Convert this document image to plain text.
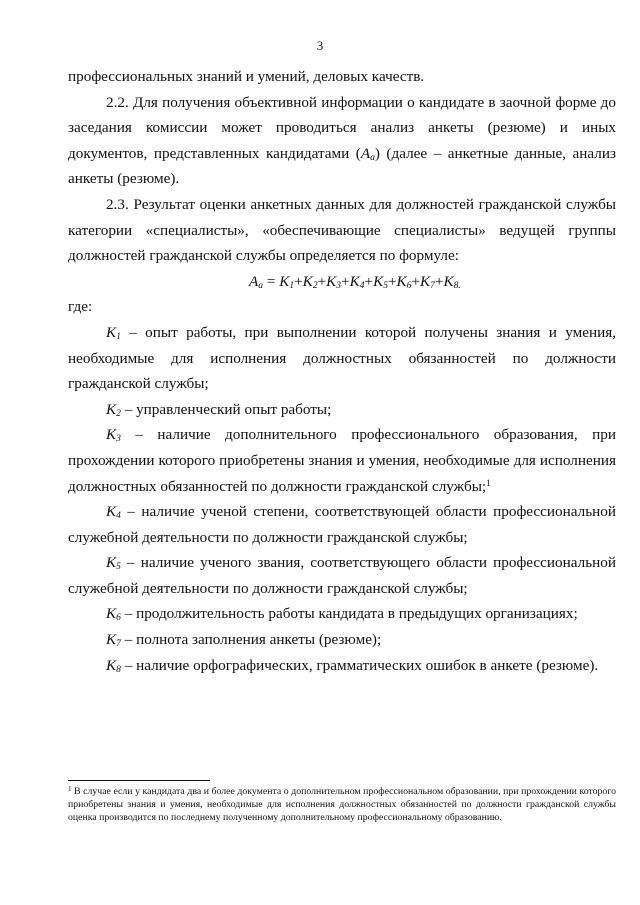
3

профессиональных знаний и умений, деловых качеств.

2.2. Для получения объективной информации о кандидате в заочной форме до заседания комиссии может проводиться анализ анкеты (резюме) и иных документов, представленных кандидатами $(A_a)$ (далее – анкетные данные, анализ анкеты (резюме).

2.3. Результат оценки анкетных данных для должностей гражданской службы категории «специалисты», «обеспечивающие специалисты» ведущей группы должностей гражданской службы определяется по формуле:

$A_a = K_1+K_2+K_3+K_4+K_5+K_6+K_7+K_{8.}$

где:

$K_1$ – опыт работы, при выполнении которой получены знания и умения, необходимые для исполнения должностных обязанностей по должности гражданской службы;

$K_2$ – управленческий опыт работы;

$K_3$ – наличие дополнительного профессионального образования, при прохождении которого приобретены знания и умения, необходимые для исполнения должностных обязанностей по должности гражданской службы;$^1$

$K_4$ – наличие ученой степени, соответствующей области профессиональной служебной деятельности по должности гражданской службы;

$K_5$ – наличие ученого звания, соответствующего области профессиональной служебной деятельности по должности гражданской службы;

$K_6$ – продолжительность работы кандидата в предыдущих организациях;

$K_7$ – полнота заполнения анкеты (резюме);

$K_8$ – наличие орфографических, грамматических ошибок в анкете (резюме).

$^1$ В случае если у кандидата два и более документа о дополнительном профессиональном образовании, при прохождении которого приобретены знания и умения, необходимые для исполнения должностных обязанностей по должности гражданской службы оценка производится по последнему полученному дополнительному профессиональному образованию.
